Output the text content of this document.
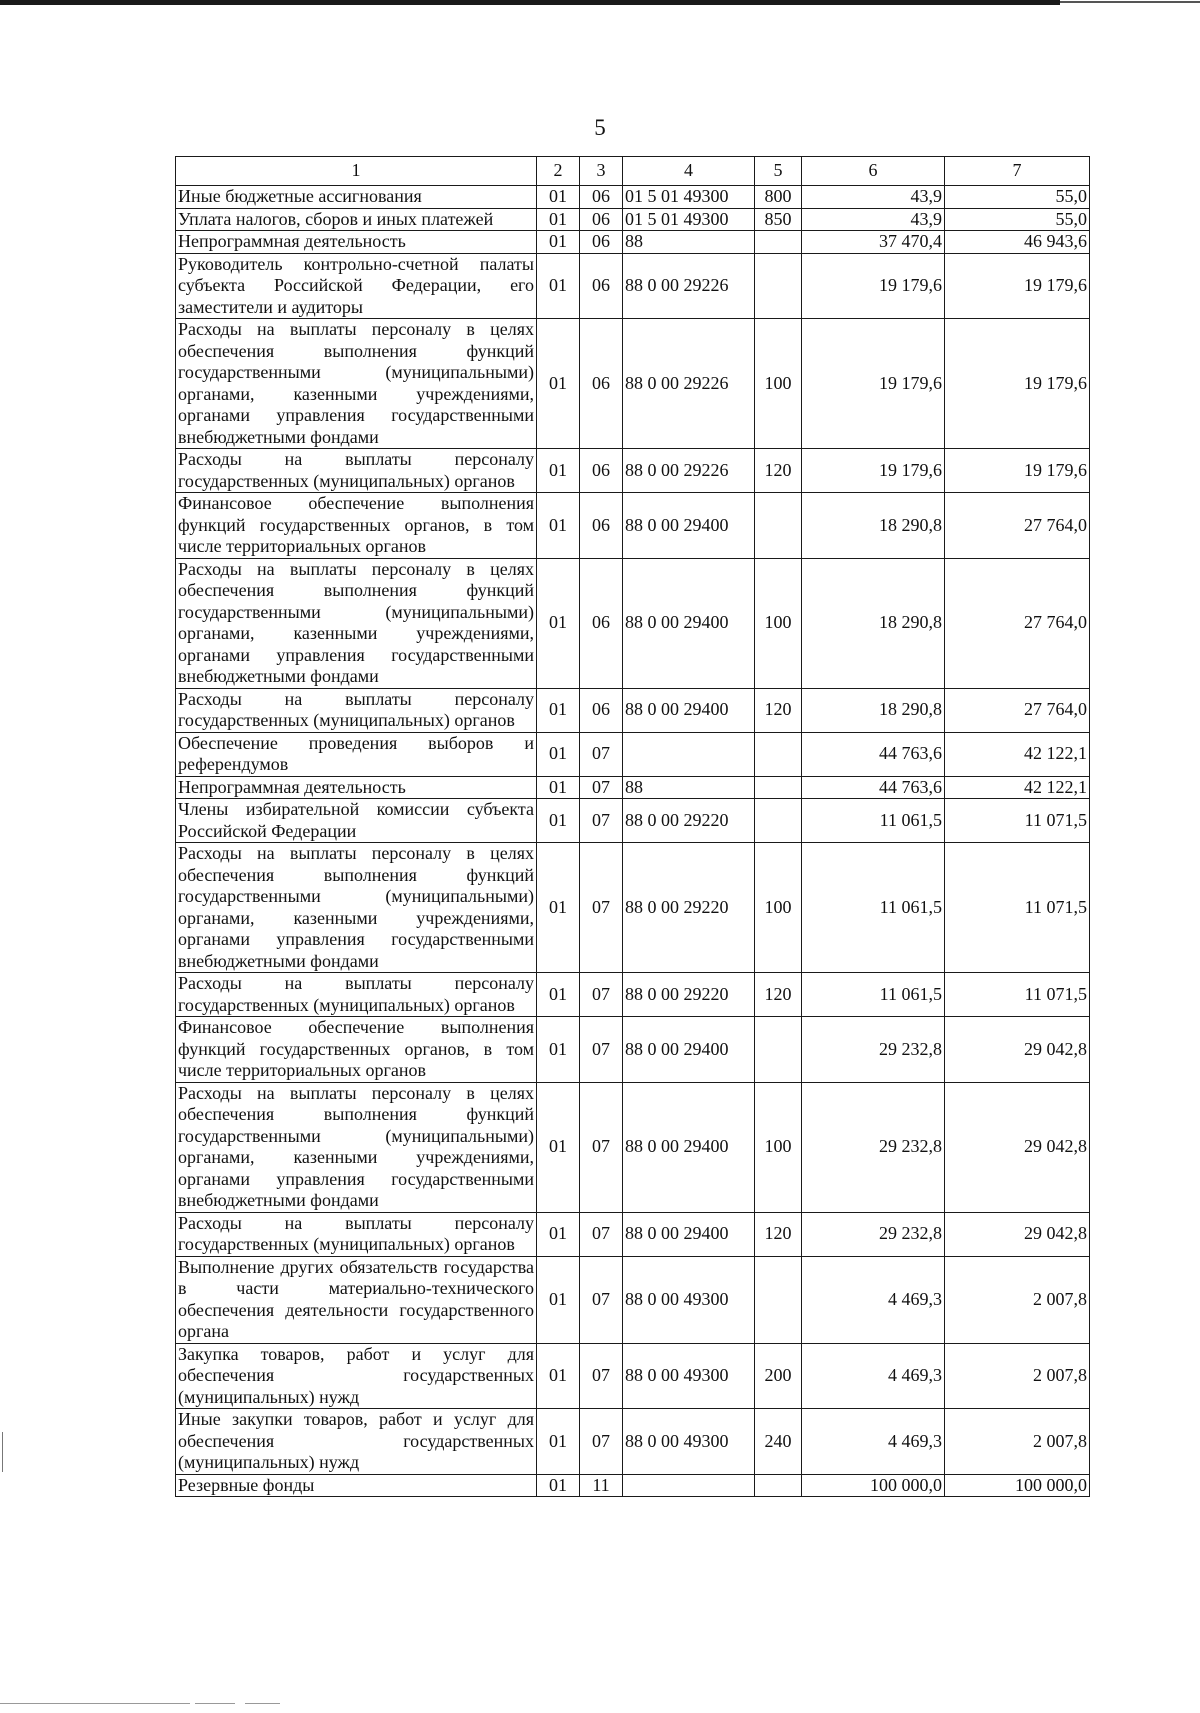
5
1	2	3	4	5	6	7
Иные бюджетные ассигнования	01	06	01 5 01 49300	800	43,9	55,0
Уплата налогов, сборов и иных платежей	01	06	01 5 01 49300	850	43,9	55,0
Непрограммная деятельность	01	06	88		37 470,4	46 943,6
Руководитель контрольно-счетной палаты субъекта Российской Федерации, его заместители и аудиторы	01	06	88 0 00 29226		19 179,6	19 179,6
Расходы на выплаты персоналу в целях обеспечения выполнения функций государственными (муниципальными) органами, казенными учреждениями, органами управления государственными внебюджетными фондами	01	06	88 0 00 29226	100	19 179,6	19 179,6
Расходы на выплаты персоналу государственных (муниципальных) органов	01	06	88 0 00 29226	120	19 179,6	19 179,6
Финансовое обеспечение выполнения функций государственных органов, в том числе территориальных органов	01	06	88 0 00 29400		18 290,8	27 764,0
Расходы на выплаты персоналу в целях обеспечения выполнения функций государственными (муниципальными) органами, казенными учреждениями, органами управления государственными внебюджетными фондами	01	06	88 0 00 29400	100	18 290,8	27 764,0
Расходы на выплаты персоналу государственных (муниципальных) органов	01	06	88 0 00 29400	120	18 290,8	27 764,0
Обеспечение проведения выборов и референдумов	01	07			44 763,6	42 122,1
Непрограммная деятельность	01	07	88		44 763,6	42 122,1
Члены избирательной комиссии субъекта Российской Федерации	01	07	88 0 00 29220		11 061,5	11 071,5
Расходы на выплаты персоналу в целях обеспечения выполнения функций государственными (муниципальными) органами, казенными учреждениями, органами управления государственными внебюджетными фондами	01	07	88 0 00 29220	100	11 061,5	11 071,5
Расходы на выплаты персоналу государственных (муниципальных) органов	01	07	88 0 00 29220	120	11 061,5	11 071,5
Финансовое обеспечение выполнения функций государственных органов, в том числе территориальных органов	01	07	88 0 00 29400		29 232,8	29 042,8
Расходы на выплаты персоналу в целях обеспечения выполнения функций государственными (муниципальными) органами, казенными учреждениями, органами управления государственными внебюджетными фондами	01	07	88 0 00 29400	100	29 232,8	29 042,8
Расходы на выплаты персоналу государственных (муниципальных) органов	01	07	88 0 00 29400	120	29 232,8	29 042,8
Выполнение других обязательств государства в части материально-технического обеспечения деятельности государственного органа	01	07	88 0 00 49300		4 469,3	2 007,8
Закупка товаров, работ и услуг для обеспечения государственных (муниципальных) нужд	01	07	88 0 00 49300	200	4 469,3	2 007,8
Иные закупки товаров, работ и услуг для обеспечения государственных (муниципальных) нужд	01	07	88 0 00 49300	240	4 469,3	2 007,8
Резервные фонды	01	11			100 000,0	100 000,0
